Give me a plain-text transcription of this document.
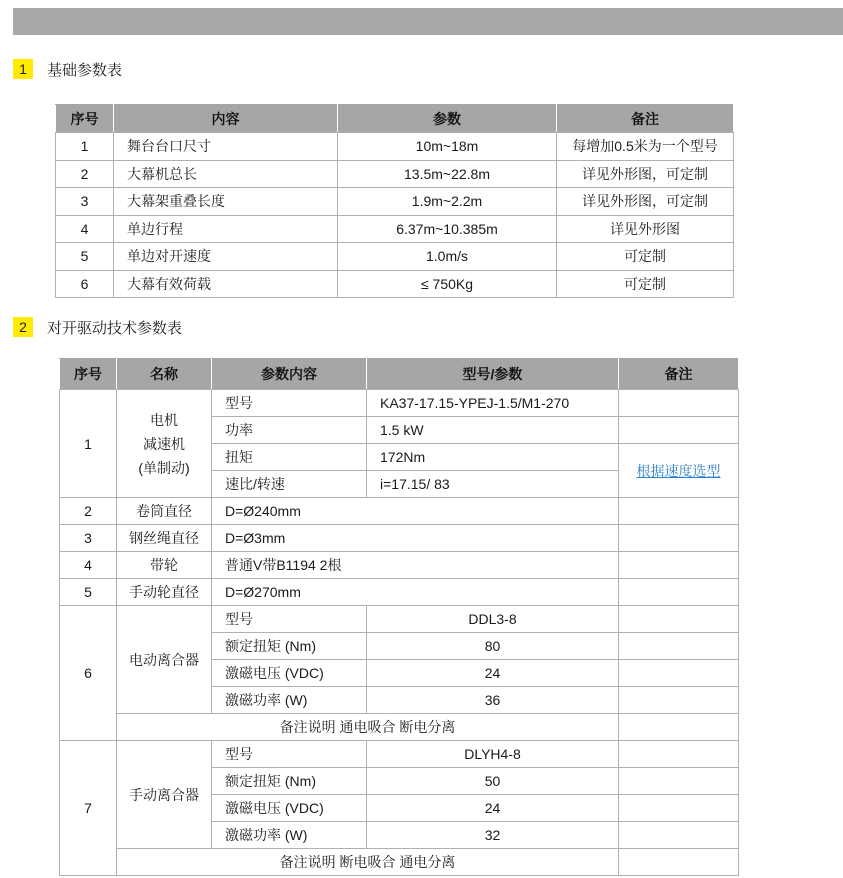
3  性能参数/Performance  &  parameters

1	基础参数表
序号	内容	参数	备注
1	舞台台口尺寸	10m~18m	每增加0.5米为一个型号
2	大幕机总长	13.5m~22.8m	详见外形图，可定制
3	大幕架重叠长度	1.9m~2.2m	详见外形图，可定制
4	单边行程	6.37m~10.385m	详见外形图
5	单边对开速度	1.0m/s	可定制
6	大幕有效荷载	≤ 750Kg	可定制
2	对开驱动技术参数表
序号	名称	参数内容	型号/参数	备注
1	电机
减速机
(单制动)	型号	KA37-17.15-YPEJ-1.5/M1-270	
		功率	1.5 kW	
		扭矩	172Nm	根据速度选型
		速比/转速	i=17.15/ 83	
2	卷筒直径	D=Ø240mm		
3	钢丝绳直径	D=Ø3mm		
4	带轮	普通V带B1194 2根		
5	手动轮直径	D=Ø270mm		
6	电动离合器	型号	DDL3-8	
		额定扭矩 (Nm)	80	
		激磁电压 (VDC)	24	
		激磁功率 (W)	36	
	备注说明 通电吸合 断电分离			
7	手动离合器	型号	DLYH4-8	
		额定扭矩 (Nm)	50	
		激磁电压 (VDC)	24	
		激磁功率 (W)	32	
	备注说明 断电吸合 通电分离			
